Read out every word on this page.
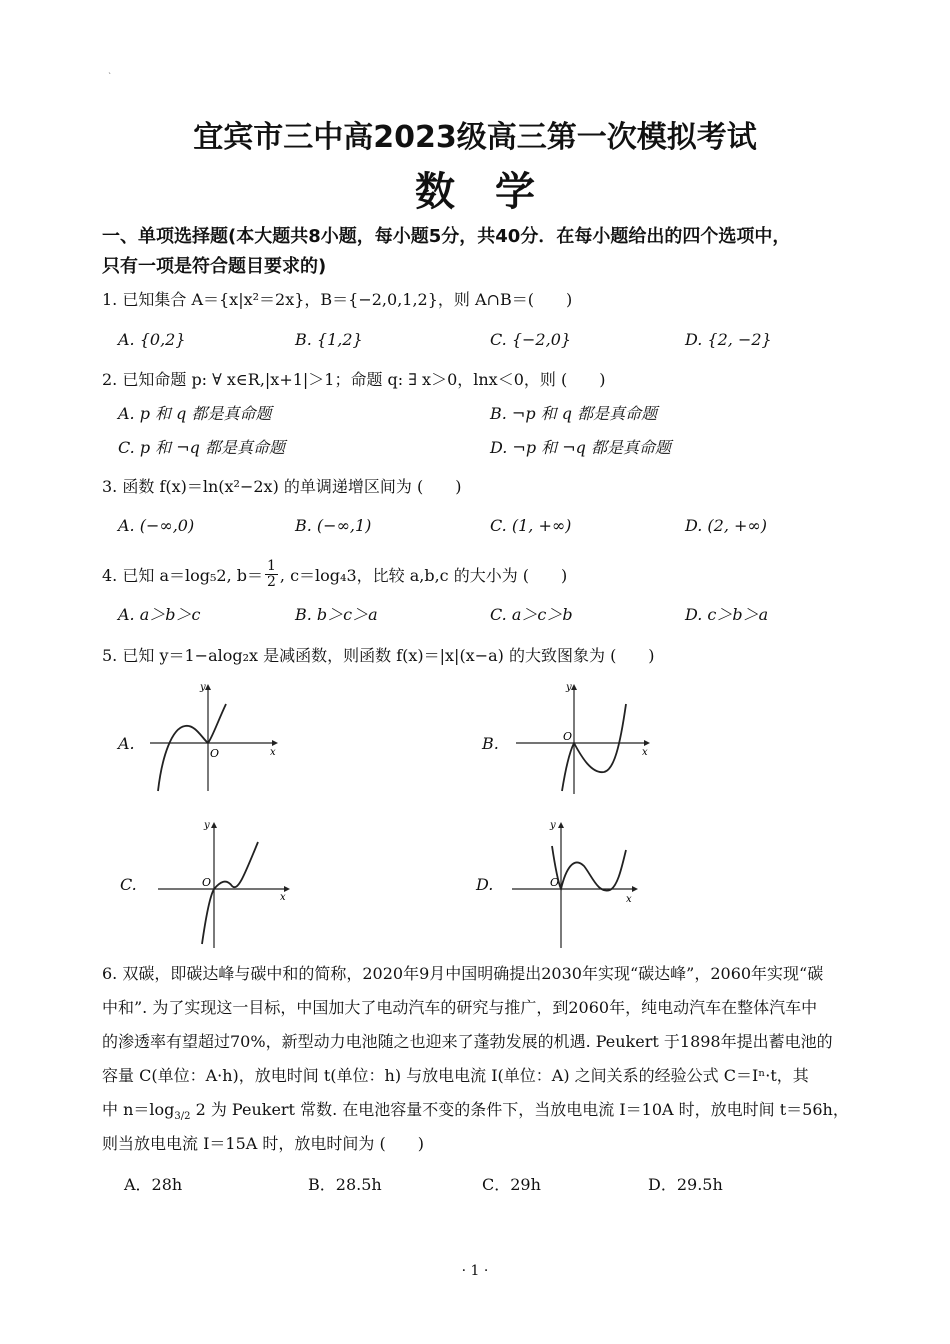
`
宜宾市三中高2023级高三第一次模拟考试
数学
一、单项选择题(本大题共8小题，每小题5分，共40分．在每小题给出的四个选项中，
只有一项是符合题目要求的)
1. 已知集合 A＝{x|x²＝2x}，B＝{−2,0,1,2}，则 A∩B＝(　　)
A. {0,2}	B. {1,2}	C. {−2,0}	D. {2, −2}
2. 已知命题 p: ∀ x∈R,|x+1|＞1；命题 q: ∃ x＞0，lnx＜0，则 (　　)
A. p 和 q 都是真命题	B. ¬p 和 q 都是真命题
C. p 和 ¬q 都是真命题	D. ¬p 和 ¬q 都是真命题
3. 函数 f(x)＝ln(x²−2x) 的单调递增区间为 (　　)
A. (−∞,0)	B. (−∞,1)	C. (1, +∞)	D. (2, +∞)
4. 已知 a＝log₅2, $b= \frac{1}{2}$ , c＝log₄3，比较 a,b,c 的大小为 (　　)
A. a＞b＞c	B. b＞c＞a	C. a＞c＞b	D. c＞b＞a
5. 已知 y＝1−alog₂x 是减函数，则函数 f(x)＝|x|(x−a) 的大致图象为 (　　)
A.
y
x
O
B.
y
x
O
C.
y
x
O	D.
y
x
O
6. 双碳，即碳达峰与碳中和的简称，2020年9月中国明确提出2030年实现“碳达峰”，2060年实现“碳
中和”. 为了实现这一目标，中国加大了电动汽车的研究与推广，到2060年，纯电动汽车在整体汽车中
的渗透率有望超过70%，新型动力电池随之也迎来了蓬勃发展的机遇. Peukert 于1898年提出蓄电池的
容量 C(单位：A·h)，放电时间 t(单位：h) 与放电电流 I(单位：A) 之间关系的经验公式 C＝Iⁿ·t，其
中 $n=\log_{3/2}$ 2 为 Peukert 常数. 在电池容量不变的条件下，当放电电流 I＝10A 时，放电时间 t＝56h，
则当放电电流 I＝15A 时，放电时间为 (　　)
A．28h	B．28.5h	C．29h	D．29.5h
· 1 ·
